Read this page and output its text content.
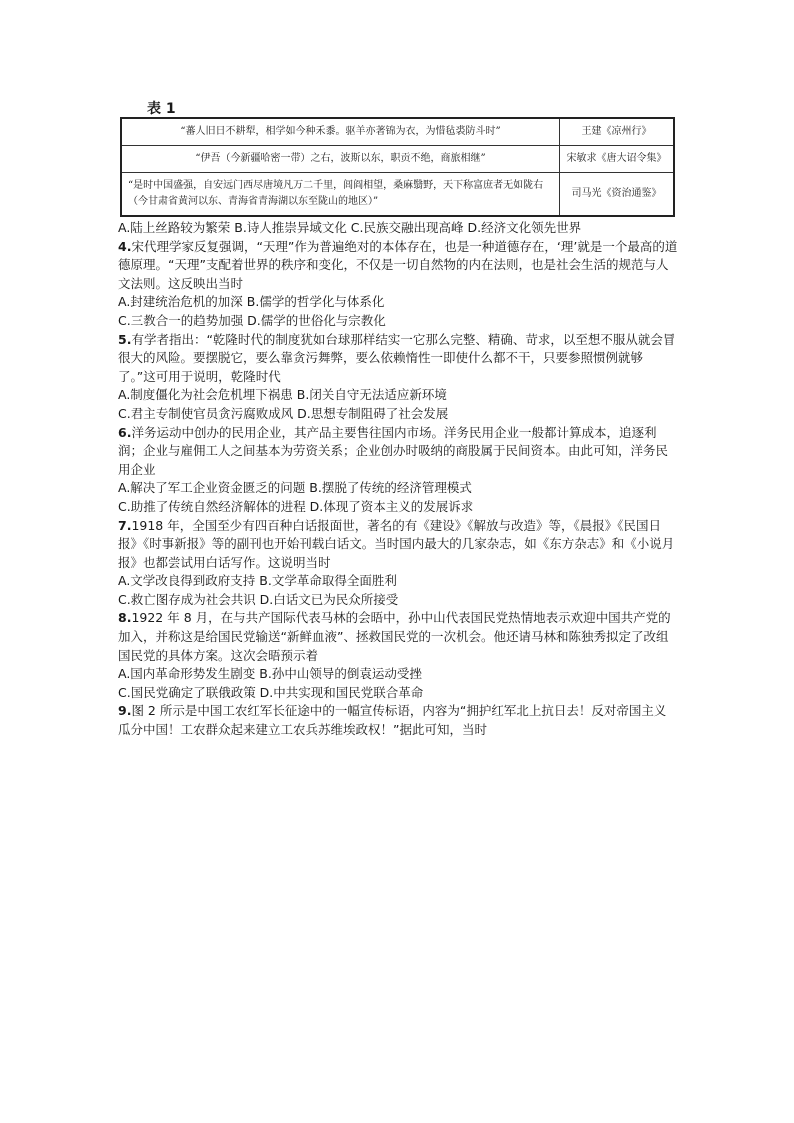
表 1
“蕃人旧日不耕犁，相学如今种禾黍。驱羊亦著锦为衣，为惜毡裘防斗时”	王建《凉州行》
“伊吾（今新疆哈密一带）之右，波斯以东，职贡不绝，商旅相继”	宋敏求《唐大诏令集》
“是时中国盛强，自安远门西尽唐境凡万二千里，闾阎相望，桑麻翳野，天下称富庶者无如陇右（今甘肃省黄河以东、青海省青海湖以东至陇山的地区）”	司马光《资治通鉴》

A.陆上丝路较为繁荣 B.诗人推崇异域文化 C.民族交融出现高峰 D.经济文化领先世界

4.宋代理学家反复强调，“天理”作为普遍绝对的本体存在，也是一种道德存在，‘理’就是一个最高的道德原理。“天理”支配着世界的秩序和变化，不仅是一切自然物的内在法则，也是社会生活的规范与人文法则。这反映出当时

A.封建统治危机的加深 B.儒学的哲学化与体系化

C.三教合一的趋势加强 D.儒学的世俗化与宗教化

5.有学者指出：“乾隆时代的制度犹如台球那样结实一它那么完整、精确、苛求，以至想不服从就会冒很大的风险。要摆脱它，要么靠贪污舞弊，要么依赖惰性一即使什么都不干，只要参照惯例就够了。”这可用于说明，乾隆时代

A.制度僵化为社会危机埋下祸患 B.闭关自守无法适应新环境

C.君主专制使官员贪污腐败成风 D.思想专制阻碍了社会发展

6.洋务运动中创办的民用企业，其产品主要售往国内市场。洋务民用企业一般都计算成本，追逐利润；企业与雇佣工人之间基本为劳资关系；企业创办时吸纳的商股属于民间资本。由此可知，洋务民用企业

A.解决了军工企业资金匮乏的问题 B.摆脱了传统的经济管理模式

C.助推了传统自然经济解体的进程 D.体现了资本主义的发展诉求

7.1918 年，全国至少有四百种白话报面世，著名的有《建设》《解放与改造》等，《晨报》《民国日报》《时事新报》等的副刊也开始刊载白话文。当时国内最大的几家杂志，如《东方杂志》和《小说月报》也都尝试用白话写作。这说明当时

A.文学改良得到政府支持 B.文学革命取得全面胜利

C.救亡图存成为社会共识 D.白话文已为民众所接受

8.1922 年 8 月，在与共产国际代表马林的会晤中，孙中山代表国民党热情地表示欢迎中国共产党的加入，并称这是给国民党输送“新鲜血液”、拯救国民党的一次机会。他还请马林和陈独秀拟定了改组国民党的具体方案。这次会晤预示着

A.国内革命形势发生剧变 B.孙中山领导的倒袁运动受挫

C.国民党确定了联俄政策 D.中共实现和国民党联合革命

9.图 2 所示是中国工农红军长征途中的一幅宣传标语，内容为“拥护红军北上抗日去！反对帝国主义瓜分中国！工农群众起来建立工农兵苏维埃政权！”据此可知，当时
